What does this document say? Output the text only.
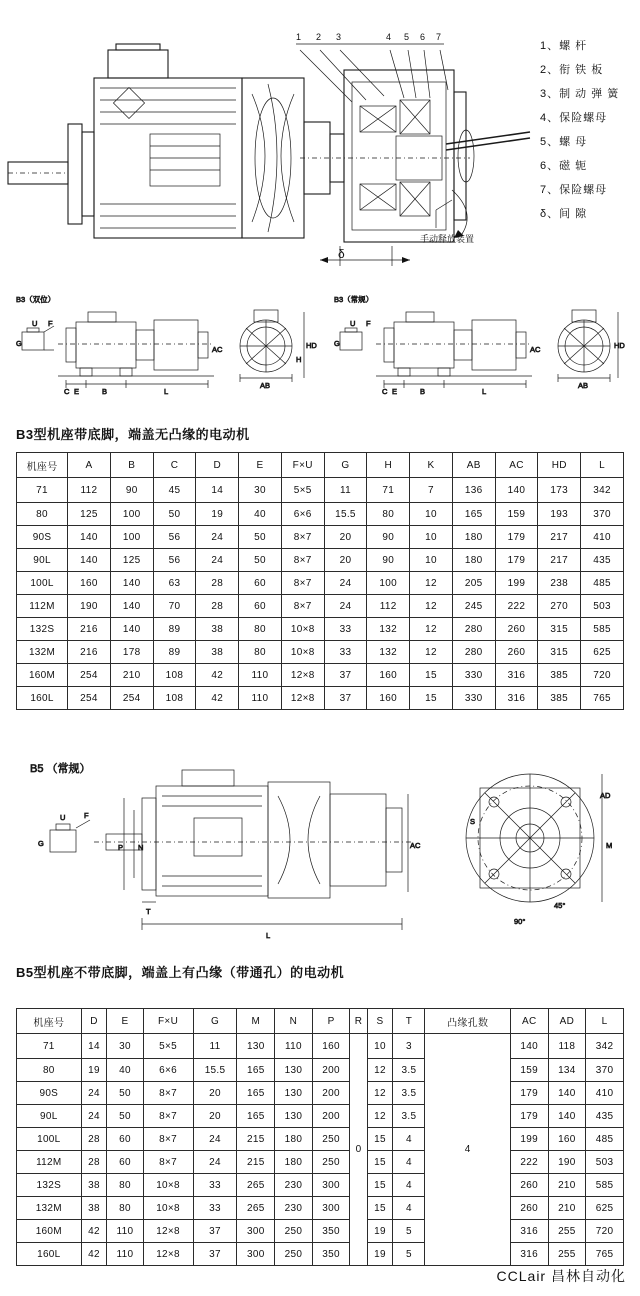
1 2 3	4 5 6 7
δ
手动释放装置
1、螺 杆
2、衔 铁 板
3、制 动 弹 簧
4、保险螺母
5、螺 母
6、磁 轭
7、保险螺母
δ、间 隙
B3（双位）
F
G
U
C	B	L
E
AC
AB
HD
H
B3（常规）
F
G
U
C	B	L
E
AC
AB
HD
B3型机座带底脚，端盖无凸缘的电动机
机座号	A	B	C	D	E	F×U	G	H	K	AB	AC	HD	L
71	112	90	45	14	30	5×5	11	71	7	136	140	173	342
80	125	100	50	19	40	6×6	15.5	80	10	165	159	193	370
90S	140	100	56	24	50	8×7	20	90	10	180	179	217	410
90L	140	125	56	24	50	8×7	20	90	10	180	179	217	435
100L	160	140	63	28	60	8×7	24	100	12	205	199	238	485
112M	190	140	70	28	60	8×7	24	112	12	245	222	270	503
132S	216	140	89	38	80	10×8	33	132	12	280	260	315	585
132M	216	178	89	38	80	10×8	33	132	12	280	260	315	625
160M	254	210	108	42	110	12×8	37	160	15	330	316	385	720
160L	254	254	108	42	110	12×8	37	160	15	330	316	385	765
B5 （常规）
F
G
U
P N
T
L
AC
45°
90°
AD
S
M
B5型机座不带底脚，端盖上有凸缘（带通孔）的电动机
机座号	D	E	F×U	G	M	N	P	R	S	T	凸缘孔数	AC	AD	L
71	14	30	5×5	11	130	110	160	0	10	3	4	140	118	342
80	19	40	6×6	15.5	165	130	200		12	3.5		159	134	370
90S	24	50	8×7	20	165	130	200		12	3.5		179	140	410
90L	24	50	8×7	20	165	130	200		12	3.5		179	140	435
100L	28	60	8×7	24	215	180	250		15	4		199	160	485
112M	28	60	8×7	24	215	180	250		15	4		222	190	503
132S	38	80	10×8	33	265	230	300		15	4		260	210	585
132M	38	80	10×8	33	265	230	300		15	4		260	210	625
160M	42	110	12×8	37	300	250	350		19	5		316	255	720
160L	42	110	12×8	37	300	250	350		19	5		316	255	765
CCLair 昌林自动化
